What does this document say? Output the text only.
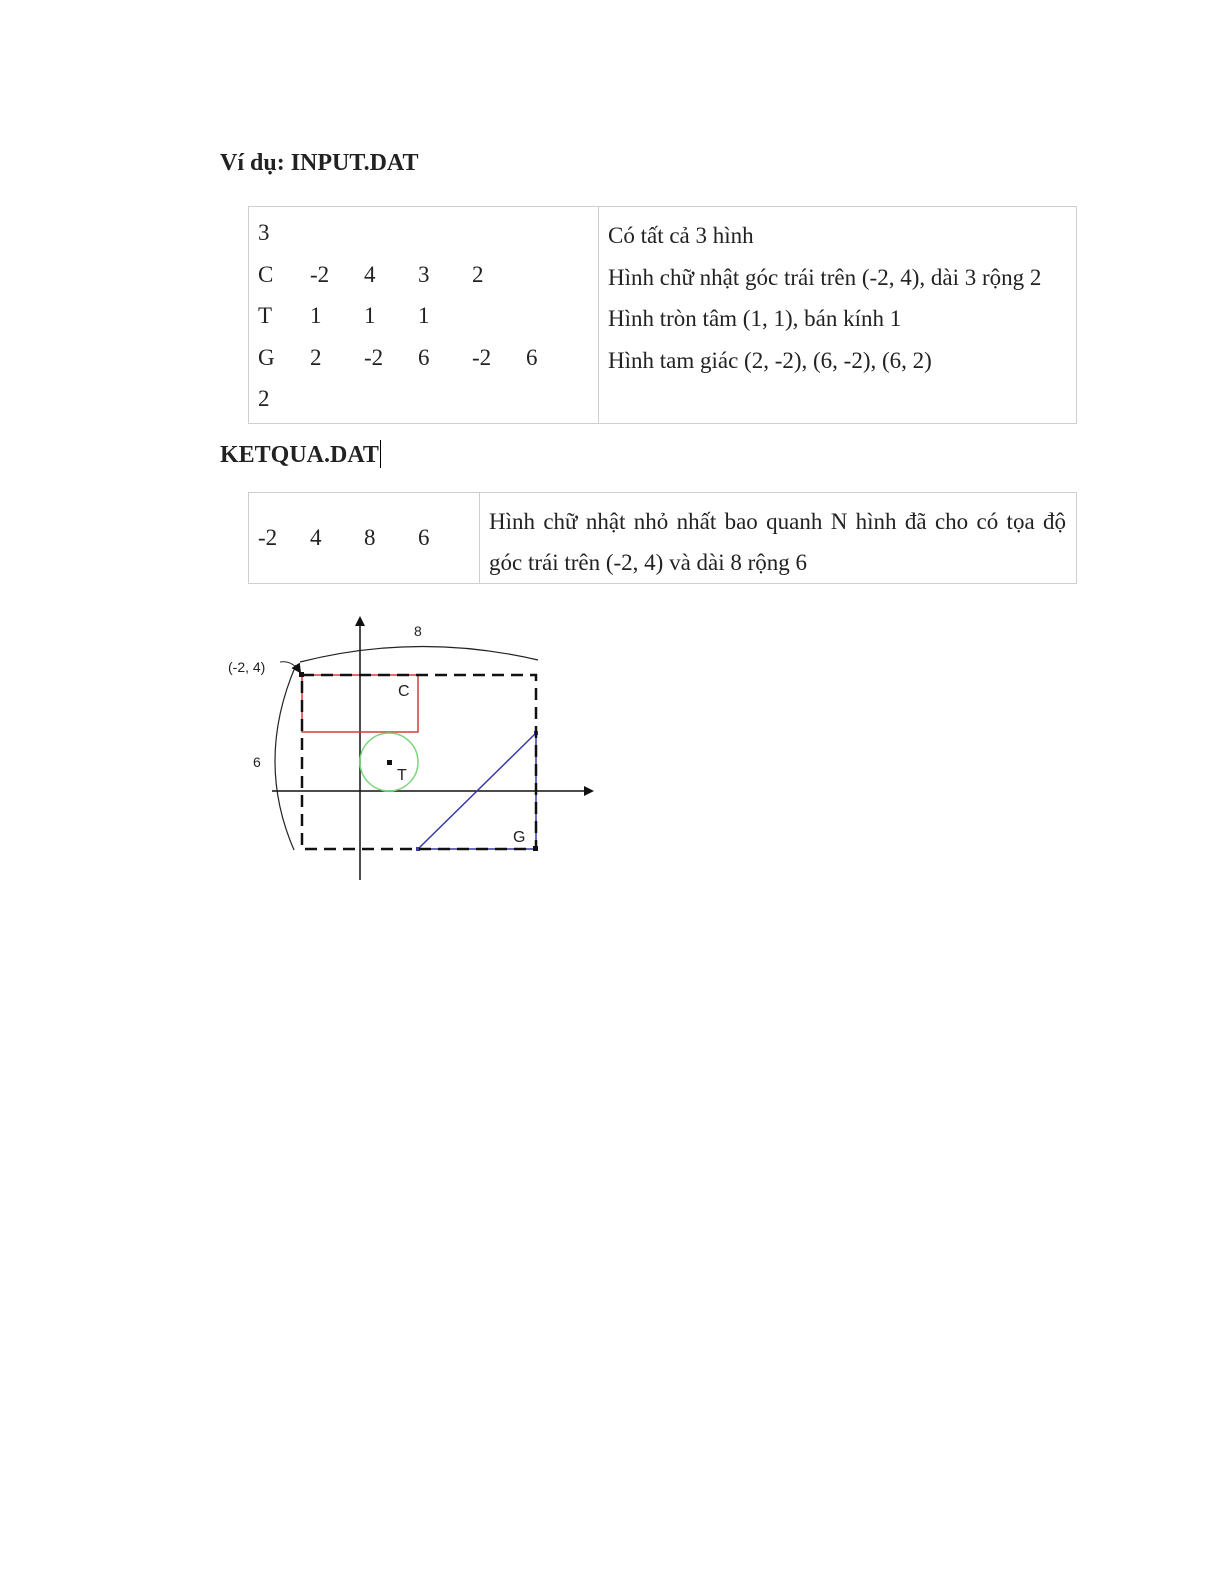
Ví dụ: INPUT.DAT
3
C -2 4 3 2
T 1 1 1
G 2 -2 6 -2 6
2

Có tất cả 3 hình
Hình chữ nhật góc trái trên (-2, 4), dài 3 rộng 2
Hình tròn tâm (1, 1), bán kính 1
Hình tam giác (2, -2), (6, -2), (6, 2)
KETQUA.DAT
-2 4 8 6	Hình chữ nhật nhỏ nhất bao quanh N hình đã cho có tọa độ góc trái trên (-2, 4) và dài 8 rộng 6
(-2, 4)
8
6
C
T
G
